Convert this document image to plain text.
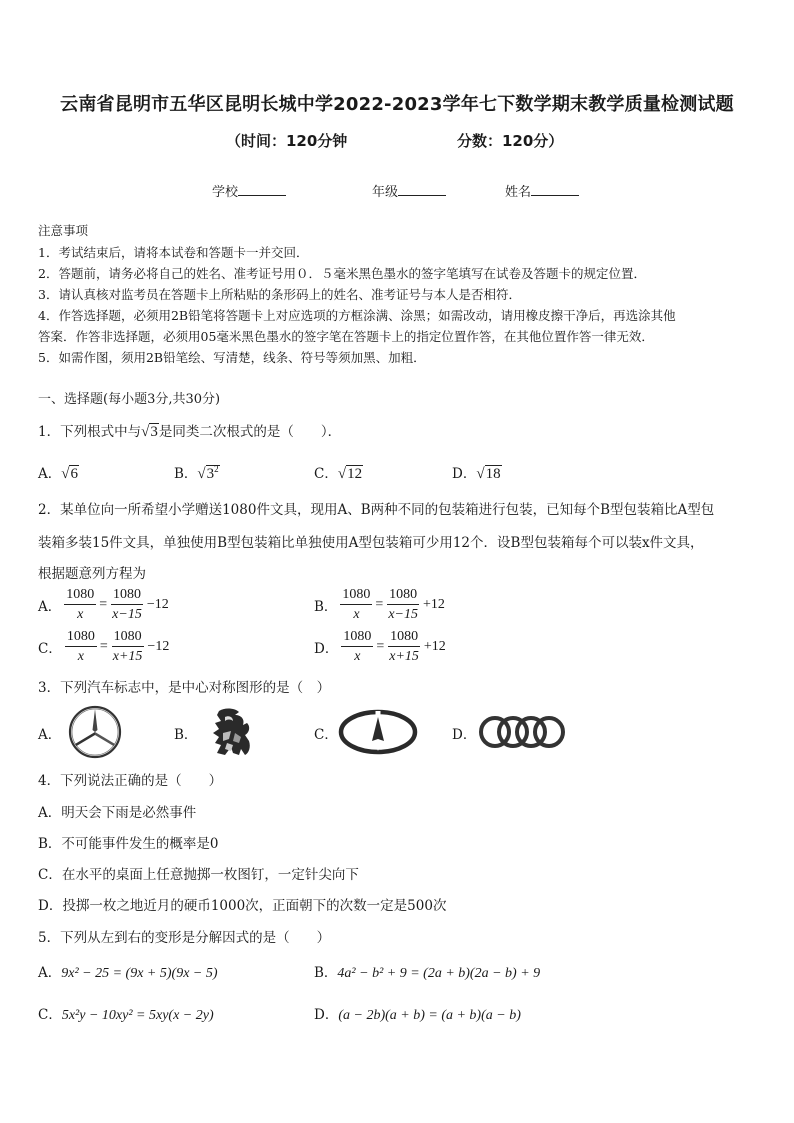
云南省昆明市五华区昆明长城中学2022-2023学年七下数学期末教学质量检测试题
（时间：120分钟	分数：120分）
学校	年级	姓名
注意事项
1．考试结束后，请将本试卷和答题卡一并交回．
2．答题前，请务必将自己的姓名、准考证号用０．５毫米黑色墨水的签字笔填写在试卷及答题卡的规定位置．
3．请认真核对监考员在答题卡上所粘贴的条形码上的姓名、准考证号与本人是否相符．
4．作答选择题，必须用2B铅笔将答题卡上对应选项的方框涂满、涂黑；如需改动，请用橡皮擦干净后，再选涂其他
答案．作答非选择题，必须用05毫米黑色墨水的签字笔在答题卡上的指定位置作答，在其他位置作答一律无效．
5．如需作图，须用2B铅笔绘、写清楚，线条、符号等须加黑、加粗．
一、选择题(每小题3分,共30分)
1．下列根式中与√3是同类二次根式的是（　　）．
A．√6	B．$√3^2$	C．√12	D．√18
2．某单位向一所希望小学赠送1080件文具，现用A、B两种不同的包装箱进行包装，已知每个B型包装箱比A型包
装箱多装15件文具，单独使用B型包装箱比单独使用A型包装箱可少用12个．设B型包装箱每个可以装x件文具，
根据题意列方程为
A． $\frac{1080}{x} = \frac{1080}{x-15} -12$	B． $\frac{1080}{x} = \frac{1080}{x-15} +12$
C． $\frac{1080}{x} = \frac{1080}{x+15} -12$	D． $\frac{1080}{x} = \frac{1080}{x+15} +12$
3．下列汽车标志中，是中心对称图形的是（　）
A．	B．	C．	D．
4．下列说法正确的是（　　）
A．明天会下雨是必然事件
B．不可能事件发生的概率是0
C．在水平的桌面上任意抛掷一枚图钉，一定针尖向下
D．投掷一枚之地近月的硬币1000次，正面朝下的次数一定是500次
5．下列从左到右的变形是分解因式的是（　　）
A．9x² − 25 = (9x + 5)(9x − 5)	B．4a² − b² + 9 = (2a + b)(2a − b) + 9
C．5x²y − 10xy² = 5xy(x − 2y)	D．(a − 2b)(a + b) = (a + b)(a − b)
